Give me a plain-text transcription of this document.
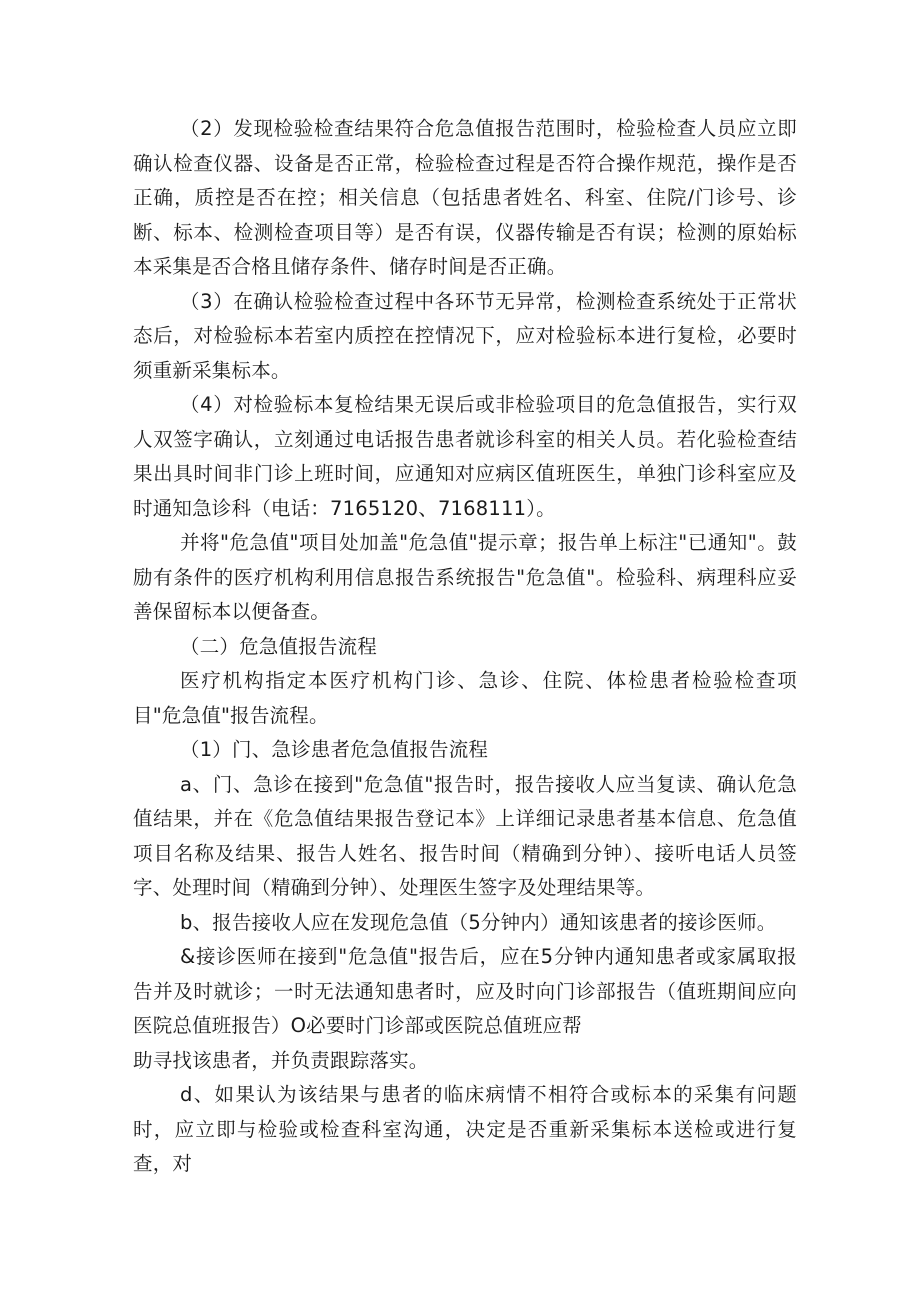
（2）发现检验检查结果符合危急值报告范围时，检验检查人员应立即确认检查仪器、设备是否正常，检验检查过程是否符合操作规范，操作是否正确，质控是否在控；相关信息（包括患者姓名、科室、住院/门诊号、诊断、标本、检测检查项目等）是否有误，仪器传输是否有误；检测的原始标本采集是否合格且储存条件、储存时间是否正确。

（3）在确认检验检查过程中各环节无异常，检测检查系统处于正常状态后，对检验标本若室内质控在控情况下，应对检验标本进行复检，必要时须重新采集标本。

（4）对检验标本复检结果无误后或非检验项目的危急值报告，实行双人双签字确认，立刻通过电话报告患者就诊科室的相关人员。若化验检查结果出具时间非门诊上班时间，应通知对应病区值班医生，单独门诊科室应及时通知急诊科（电话：7165120、7168111）。

并将"危急值"项目处加盖"危急值"提示章；报告单上标注"已通知"。鼓励有条件的医疗机构利用信息报告系统报告"危急值"。检验科、病理科应妥善保留标本以便备查。

（二）危急值报告流程

医疗机构指定本医疗机构门诊、急诊、住院、体检患者检验检查项目"危急值"报告流程。

（1）门、急诊患者危急值报告流程

a、门、急诊在接到"危急值"报告时，报告接收人应当复读、确认危急值结果，并在《危急值结果报告登记本》上详细记录患者基本信息、危急值项目名称及结果、报告人姓名、报告时间（精确到分钟）、接听电话人员签字、处理时间（精确到分钟）、处理医生签字及处理结果等。

b、报告接收人应在发现危急值（5分钟内）通知该患者的接诊医师。

&接诊医师在接到"危急值"报告后，应在5分钟内通知患者或家属取报告并及时就诊；一时无法通知患者时，应及时向门诊部报告（值班期间应向医院总值班报告）O必要时门诊部或医院总值班应帮

助寻找该患者，并负责跟踪落实。

d、如果认为该结果与患者的临床病情不相符合或标本的采集有问题时，应立即与检验或检查科室沟通，决定是否重新采集标本送检或进行复查，对
